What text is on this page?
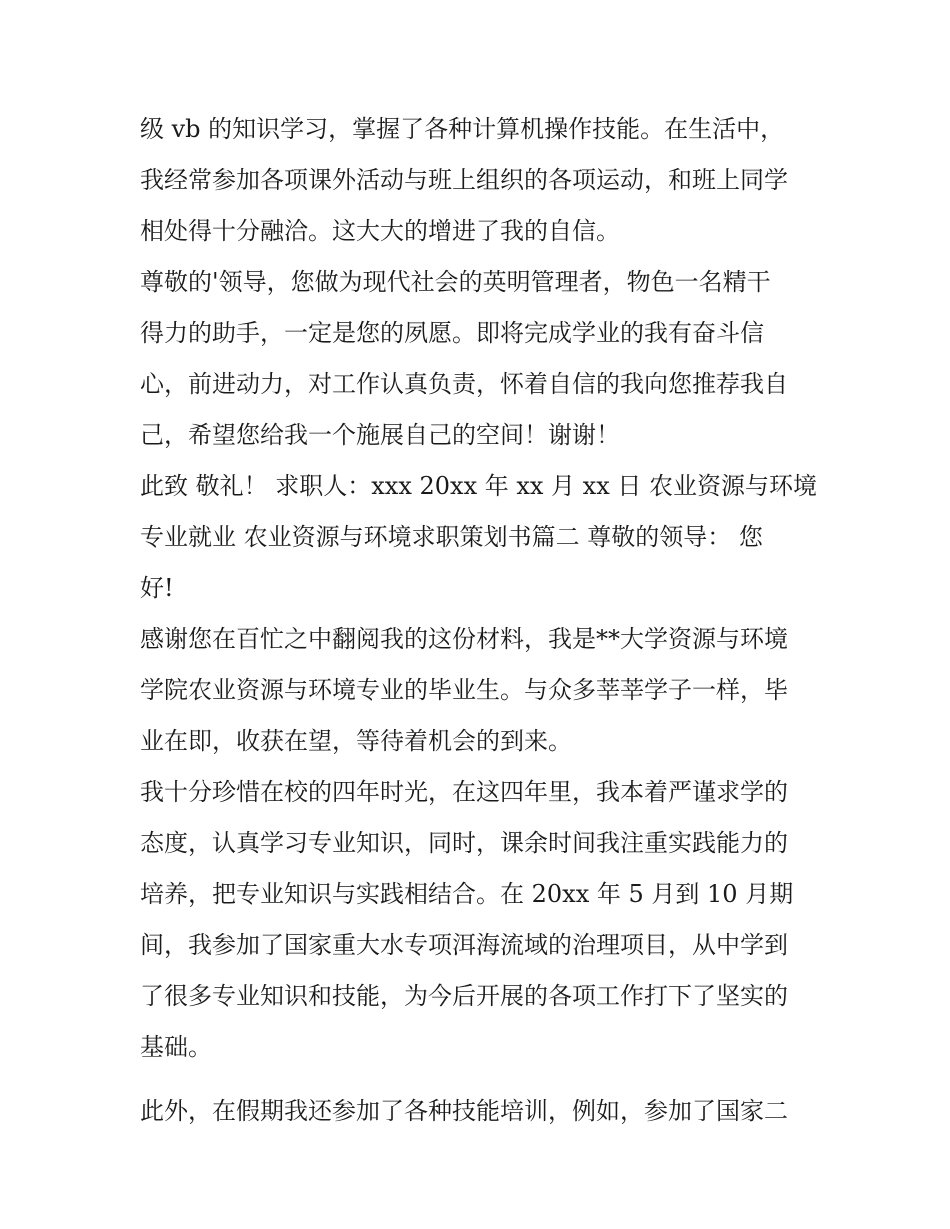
级 vb 的知识学习，掌握了各种计算机操作技能。在生活中，
我经常参加各项课外活动与班上组织的各项运动，和班上同学
相处得十分融洽。这大大的增进了我的自信。
尊敬的'领导，您做为现代社会的英明管理者，物色一名精干
得力的助手，一定是您的夙愿。即将完成学业的我有奋斗信
心，前进动力，对工作认真负责，怀着自信的我向您推荐我自
己，希望您给我一个施展自己的空间！谢谢！
此致 敬礼！ 求职人：xxx 20xx 年 xx 月 xx 日 农业资源与环境
专业就业 农业资源与环境求职策划书篇二 尊敬的领导： 您
好!
感谢您在百忙之中翻阅我的这份材料，我是**大学资源与环境
学院农业资源与环境专业的毕业生。与众多莘莘学子一样，毕
业在即，收获在望，等待着机会的到来。
我十分珍惜在校的四年时光，在这四年里，我本着严谨求学的
态度，认真学习专业知识，同时，课余时间我注重实践能力的
培养，把专业知识与实践相结合。在 20xx 年 5 月到 10 月期
间，我参加了国家重大水专项洱海流域的治理项目，从中学到
了很多专业知识和技能，为今后开展的各项工作打下了坚实的
基础。
此外，在假期我还参加了各种技能培训，例如，参加了国家二
